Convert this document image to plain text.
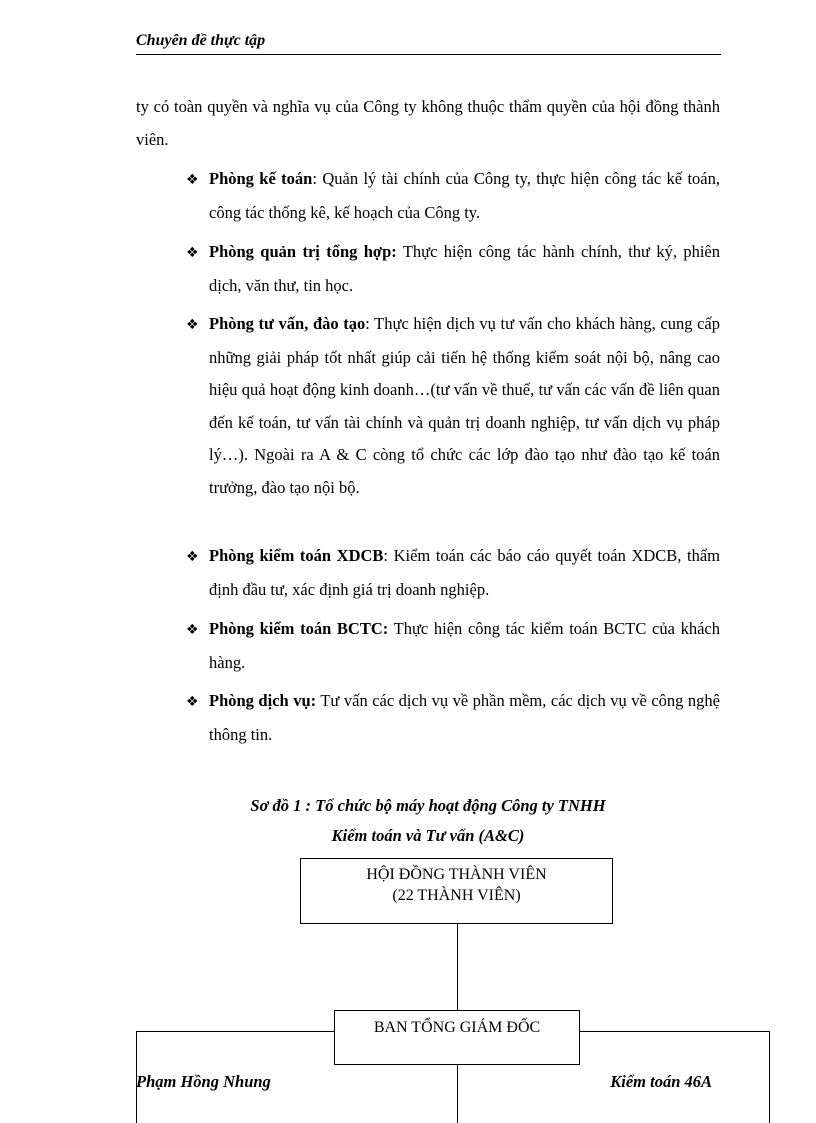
Chuyên đề thực tập
ty có toàn quyền và nghĩa vụ của Công ty không thuộc thẩm quyền của hội đồng thành viên.
❖ Phòng kế toán: Quản lý tài chính của Công ty, thực hiện công tác kế toán, công tác thống kê, kế hoạch của Công ty.
❖ Phòng quản trị tổng hợp: Thực hiện công tác hành chính, thư ký, phiên dịch, văn thư, tin học.
❖ Phòng tư vấn, đào tạo: Thực hiện dịch vụ tư vấn cho khách hàng, cung cấp những giải pháp tốt nhất giúp cải tiến hệ thống kiểm soát nội bộ, nâng cao hiệu quả hoạt động kinh doanh…(tư vấn về thuế, tư vấn các vấn đề liên quan đến kế toán, tư vấn tài chính và quản trị doanh nghiệp, tư vấn dịch vụ pháp lý…). Ngoài ra A & C còng tổ chức các lớp đào tạo như đào tạo kế toán trưởng, đào tạo nội bộ.
❖ Phòng kiểm toán XDCB: Kiểm toán các báo cáo quyết toán XDCB, thẩm định đầu tư, xác định giá trị doanh nghiệp.
❖ Phòng kiểm toán BCTC: Thực hiện công tác kiểm toán BCTC của khách hàng.
❖ Phòng dịch vụ: Tư vấn các dịch vụ về phần mềm, các dịch vụ về công nghệ thông tin.
Sơ đồ 1 : Tổ chức bộ máy hoạt động Công ty TNHH
Kiểm toán và Tư vấn (A&C)
HỘI ĐỒNG THÀNH VIÊN
(22 THÀNH VIÊN)
BAN TỔNG GIÁM ĐỐC
Phạm Hồng Nhung	Kiểm toán 46A
